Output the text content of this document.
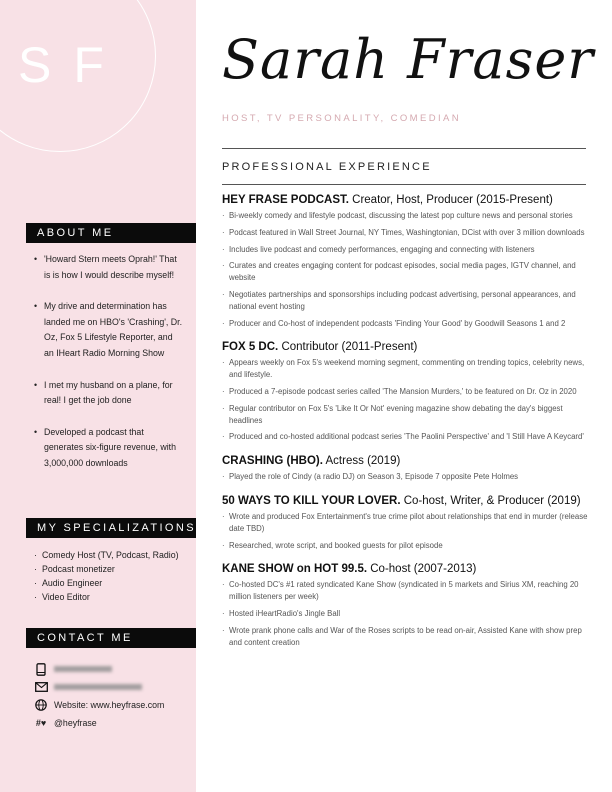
SF
ABOUT ME
• 'Howard Stern meets Oprah!' That is is how I would describe myself!
• My drive and determination has landed me on HBO's 'Crashing', Dr. Oz, Fox 5 Lifestyle Reporter, and an IHeart Radio Morning Show
• I met my husband on a plane, for real! I get the job done
• Developed a podcast that generates six-figure revenue, with 3,000,000 downloads
MY SPECIALIZATIONS
· Comedy Host (TV, Podcast, Radio)
· Podcast monetizer
· Audio Engineer
· Video Editor
CONTACT ME
Website: www.heyfrase.com
#♥ @heyfrase
Sarah Fraser
HOST, TV PERSONALITY, COMEDIAN
PROFESSIONAL EXPERIENCE
HEY FRASE PODCAST. Creator, Host, Producer (2015-Present)
· Bi-weekly comedy and lifestyle podcast, discussing the latest pop culture news and personal stories
· Podcast featured in Wall Street Journal, NY Times, Washingtonian, DCist with over 3 million downloads
· Includes live podcast and comedy performances, engaging and connecting with listeners
· Curates and creates engaging content for podcast episodes, social media pages, IGTV channel, and website
· Negotiates partnerships and sponsorships including podcast advertising, personal appearances, and national event hosting
· Producer and Co-host of independent podcasts 'Finding Your Good' by Goodwill Seasons 1 and 2
FOX 5 DC. Contributor (2011-Present)
· Appears weekly on Fox 5's weekend morning segment, commenting on trending topics, celebrity news, and lifestyle.
· Produced a 7-episode podcast series called 'The Mansion Murders,' to be featured on Dr. Oz in 2020
· Regular contributor on Fox 5's 'Like It Or Not' evening magazine show debating the day's biggest headlines
· Produced and co-hosted additional podcast series 'The Paolini Perspective' and 'I Still Have A Keycard'
CRASHING (HBO). Actress (2019)
· Played the role of Cindy (a radio DJ) on Season 3, Episode 7 opposite Pete Holmes
50 WAYS TO KILL YOUR LOVER. Co-host, Writer, & Producer (2019)
· Wrote and produced Fox Entertainment's true crime pilot about relationships that end in murder (release date TBD)
· Researched, wrote script, and booked guests for pilot episode
KANE SHOW on HOT 99.5. Co-host (2007-2013)
· Co-hosted DC's #1 rated syndicated Kane Show (syndicated in 5 markets and Sirius XM, reaching 20 million listeners per week)
· Hosted iHeartRadio's Jingle Ball
· Wrote prank phone calls and War of the Roses scripts to be read on-air, Assisted Kane with show prep and content creation
